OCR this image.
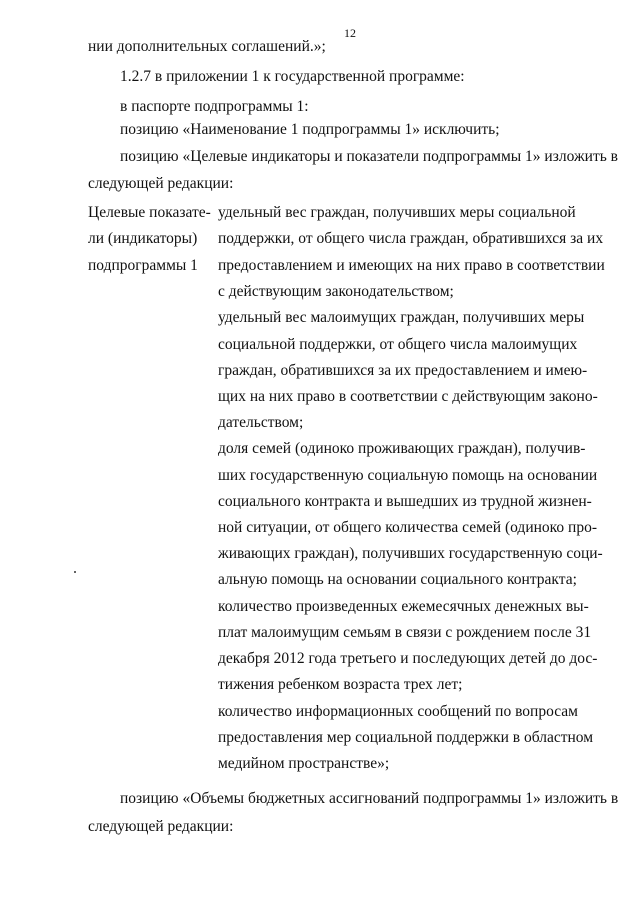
12
нии дополнительных соглашений.»;
1.2.7 в приложении 1 к государственной программе:
в паспорте подпрограммы 1:
позицию «Наименование 1 подпрограммы 1» исключить;
позицию «Целевые индикаторы и показатели подпрограммы 1» изложить в
следующей редакции:
Целевые показате-
ли (индикаторы)
подпрограммы 1
удельный вес граждан, получивших меры социальной
поддержки, от общего числа граждан, обратившихся за их
предоставлением и имеющих на них право в соответствии
с действующим законодательством;
удельный вес малоимущих граждан, получивших меры
социальной поддержки, от общего числа малоимущих
граждан, обратившихся за их предоставлением и имею-
щих на них право в соответствии с действующим законо-
дательством;
доля семей (одиноко проживающих граждан), получив-
ших государственную социальную помощь на основании
социального контракта и вышедших из трудной жизнен-
ной ситуации, от общего количества семей (одиноко про-
живающих граждан), получивших государственную соци-
альную помощь на основании социального контракта;
количество произведенных ежемесячных денежных вы-
плат малоимущим семьям в связи с рождением после 31
декабря 2012 года третьего и последующих детей до дос-
тижения ребенком возраста трех лет;
количество информационных сообщений по вопросам
предоставления мер социальной поддержки в областном
медийном пространстве»;
позицию «Объемы бюджетных ассигнований подпрограммы 1» изложить в
следующей редакции:
